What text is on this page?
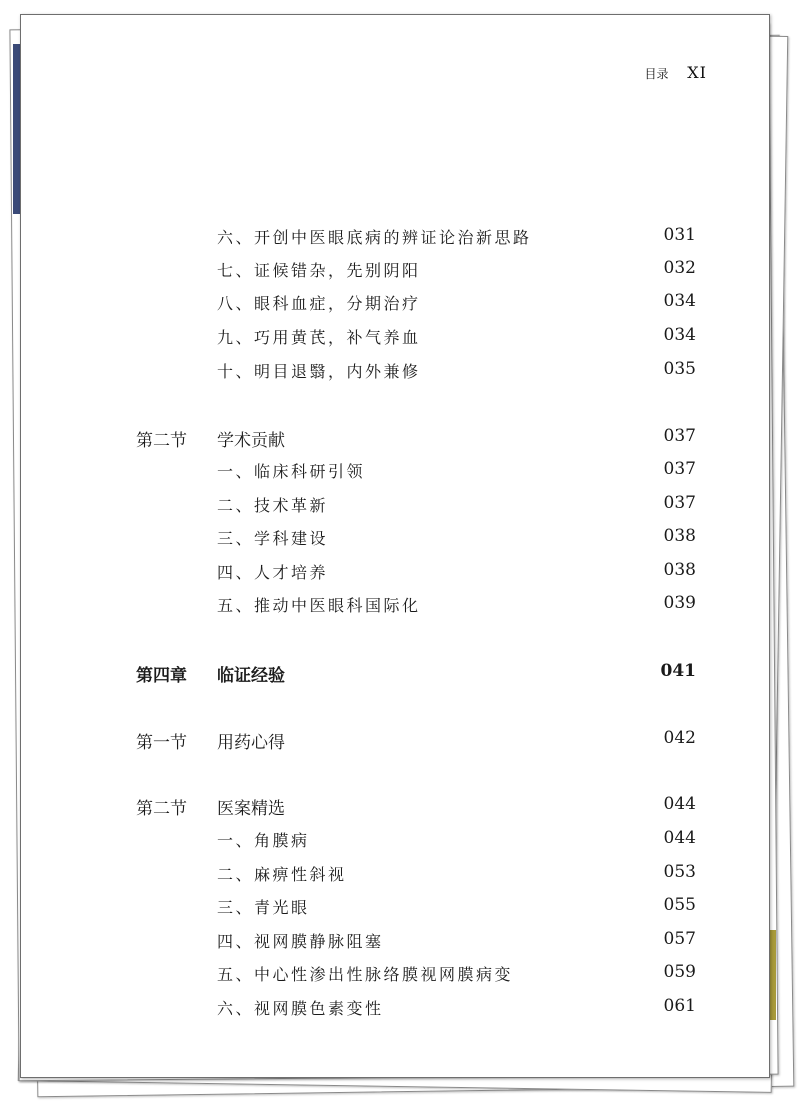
目录 XI
六、开创中医眼底病的辨证论治新思路	031
七、证候错杂，先别阴阳	032
八、眼科血症，分期治疗	034
九、巧用黄芪，补气养血	034
十、明目退翳，内外兼修	035
第二节 学术贡献	037
一、临床科研引领	037
二、技术革新	037
三、学科建设	038
四、人才培养	038
五、推动中医眼科国际化	039
第四章 临证经验	041
第一节 用药心得	042
第二节 医案精选	044
一、角膜病	044
二、麻痹性斜视	053
三、青光眼	055
四、视网膜静脉阻塞	057
五、中心性渗出性脉络膜视网膜病变	059
六、视网膜色素变性	061
